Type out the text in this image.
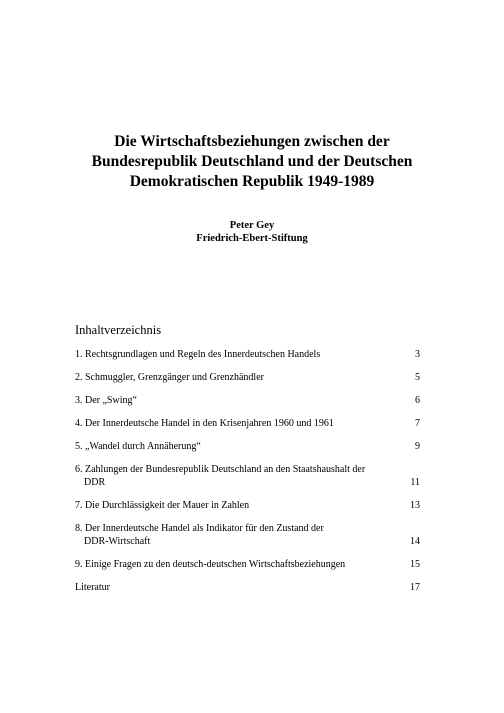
Die Wirtschaftsbeziehungen zwischen der
Bundesrepublik Deutschland und der Deutschen
Demokratischen Republik 1949-1989
Peter Gey
Friedrich-Ebert-Stiftung
Inhaltverzeichnis
1. Rechtsgrundlagen und Regeln des Innerdeutschen Handels	3
2. Schmuggler, Grenzgänger und Grenzhändler	5
3. Der „Swing“	6
4. Der Innerdeutsche Handel in den Krisenjahren 1960 und 1961	7
5. „Wandel durch Annäherung“	9
6. Zahlungen der Bundesrepublik Deutschland an den Staatshaushalt der
DDR	11
7. Die Durchlässigkeit der Mauer in Zahlen	13
8. Der Innerdeutsche Handel als Indikator für den Zustand der
DDR-Wirtschaft	14
9. Einige Fragen zu den deutsch-deutschen Wirtschaftsbeziehungen	15
Literatur	17
